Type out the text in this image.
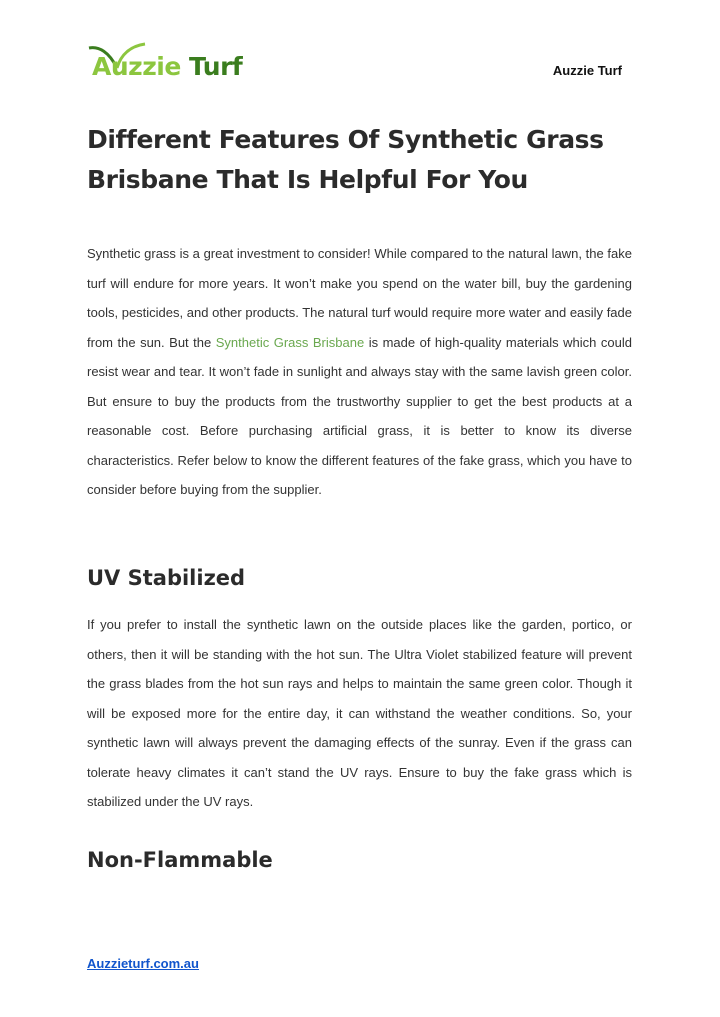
Auzzie Turf	Auzzie Turf
Different Features Of Synthetic Grass Brisbane That Is Helpful For You

Synthetic grass is a great investment to consider! While compared to the natural lawn, the fake turf will endure for more years. It won’t make you spend on the water bill, buy the gardening tools, pesticides, and other products. The natural turf would require more water and easily fade from the sun. But the Synthetic Grass Brisbane is made of high-quality materials which could resist wear and tear. It won’t fade in sunlight and always stay with the same lavish green color. But ensure to buy the products from the trustworthy supplier to get the best products at a reasonable cost. Before purchasing artificial grass, it is better to know its diverse characteristics. Refer below to know the different features of the fake grass, which you have to consider before buying from the supplier.

UV Stabilized

If you prefer to install the synthetic lawn on the outside places like the garden, portico, or others, then it will be standing with the hot sun. The Ultra Violet stabilized feature will prevent the grass blades from the hot sun rays and helps to maintain the same green color. Though it will be exposed more for the entire day, it can withstand the weather conditions. So, your synthetic lawn will always prevent the damaging effects of the sunray. Even if the grass can tolerate heavy climates it can’t stand the UV rays. Ensure to buy the fake grass which is stabilized under the UV rays.

Non-Flammable
Auzzieturf.com.au
